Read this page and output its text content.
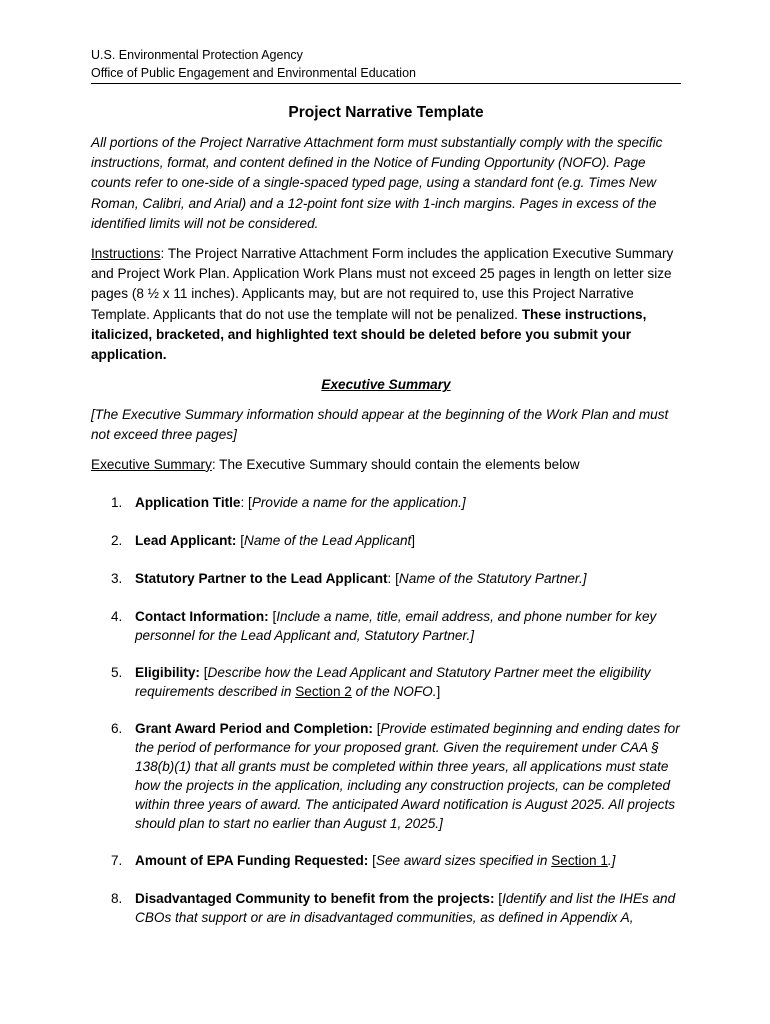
U.S. Environmental Protection Agency
Office of Public Engagement and Environmental Education
Project Narrative Template

All portions of the Project Narrative Attachment form must substantially comply with the specific instructions, format, and content defined in the Notice of Funding Opportunity (NOFO). Page counts refer to one-side of a single-spaced typed page, using a standard font (e.g. Times New Roman, Calibri, and Arial) and a 12-point font size with 1-inch margins. Pages in excess of the identified limits will not be considered.

Instructions: The Project Narrative Attachment Form includes the application Executive Summary and Project Work Plan. Application Work Plans must not exceed 25 pages in length on letter size pages (8 ½ x 11 inches). Applicants may, but are not required to, use this Project Narrative Template. Applicants that do not use the template will not be penalized. These instructions, italicized, bracketed, and highlighted text should be deleted before you submit your application.

Executive Summary

[The Executive Summary information should appear at the beginning of the Work Plan and must not exceed three pages]

Executive Summary: The Executive Summary should contain the elements below

1. Application Title: [Provide a name for the application.]
2. Lead Applicant: [Name of the Lead Applicant]
3. Statutory Partner to the Lead Applicant: [Name of the Statutory Partner.]
4. Contact Information: [Include a name, title, email address, and phone number for key personnel for the Lead Applicant and, Statutory Partner.]
5. Eligibility: [Describe how the Lead Applicant and Statutory Partner meet the eligibility requirements described in Section 2 of the NOFO.]
6. Grant Award Period and Completion: [Provide estimated beginning and ending dates for the period of performance for your proposed grant. Given the requirement under CAA § 138(b)(1) that all grants must be completed within three years, all applications must state how the projects in the application, including any construction projects, can be completed within three years of award. The anticipated Award notification is August 2025. All projects should plan to start no earlier than August 1, 2025.]
7. Amount of EPA Funding Requested: [See award sizes specified in Section 1.]
8. Disadvantaged Community to benefit from the projects: [Identify and list the IHEs and CBOs that support or are in disadvantaged communities, as defined in Appendix A,
